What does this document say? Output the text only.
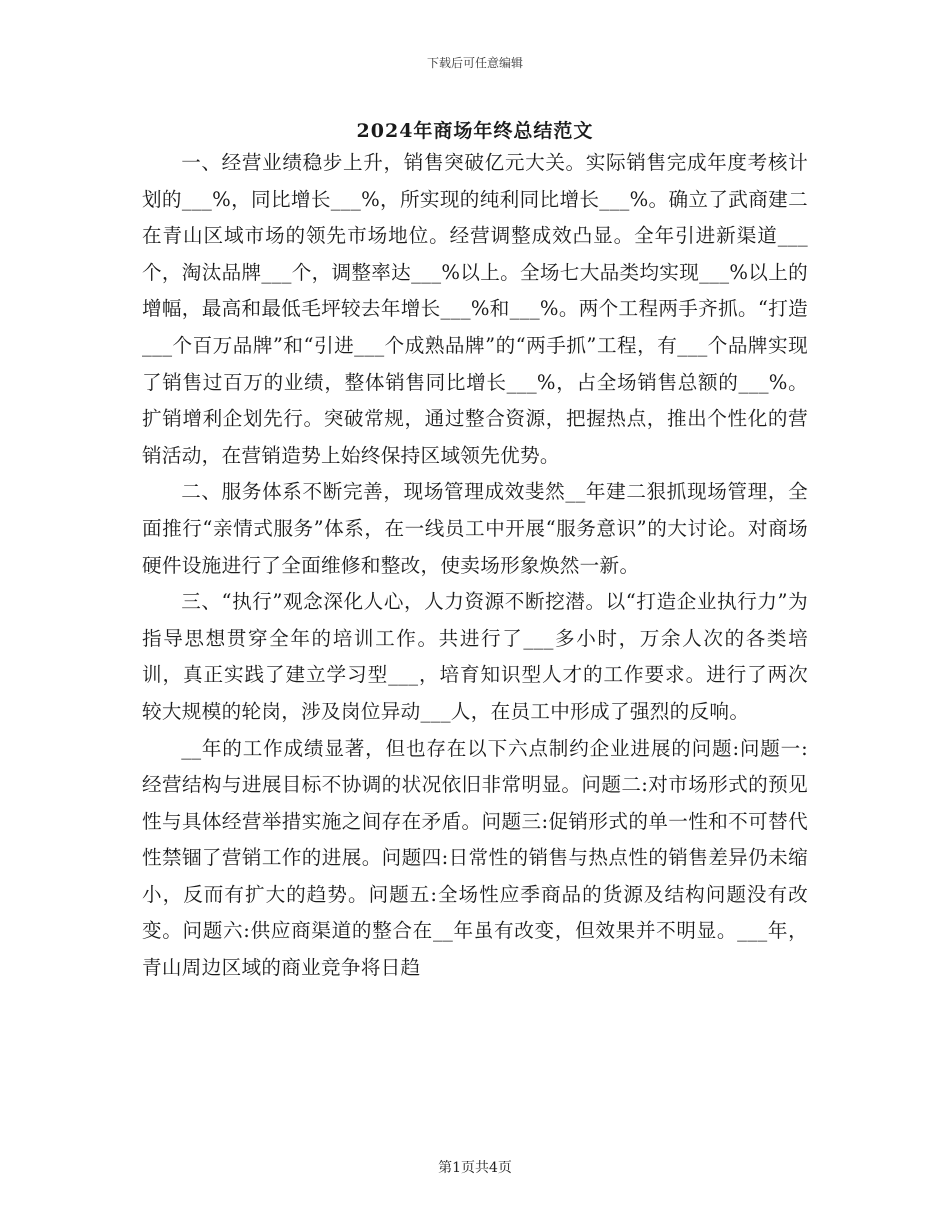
下载后可任意编辑
2024年商场年终总结范文

一、经营业绩稳步上升，销售突破亿元大关。实际销售完成年度考核计划的___%，同比增长___%，所实现的纯利同比增长___%。确立了武商建二在青山区域市场的领先市场地位。经营调整成效凸显。全年引进新渠道___个，淘汰品牌___个，调整率达___%以上。全场七大品类均实现___%以上的增幅，最高和最低毛坪较去年增长___%和___%。两个工程两手齐抓。“打造___个百万品牌”和“引进___个成熟品牌”的“两手抓”工程，有___个品牌实现了销售过百万的业绩，整体销售同比增长___%，占全场销售总额的___%。扩销增利企划先行。突破常规，通过整合资源，把握热点，推出个性化的营销活动，在营销造势上始终保持区域领先优势。

二、服务体系不断完善，现场管理成效斐然__年建二狠抓现场管理，全面推行“亲情式服务”体系，在一线员工中开展“服务意识”的大讨论。对商场硬件设施进行了全面维修和整改，使卖场形象焕然一新。

三、“执行”观念深化人心，人力资源不断挖潜。以“打造企业执行力”为指导思想贯穿全年的培训工作。共进行了___多小时，万余人次的各类培训，真正实践了建立学习型___，培育知识型人才的工作要求。进行了两次较大规模的轮岗，涉及岗位异动___人，在员工中形成了强烈的反响。

__年的工作成绩显著，但也存在以下六点制约企业进展的问题:问题一:经营结构与进展目标不协调的状况依旧非常明显。问题二:对市场形式的预见性与具体经营举措实施之间存在矛盾。问题三:促销形式的单一性和不可替代性禁锢了营销工作的进展。问题四:日常性的销售与热点性的销售差异仍未缩小，反而有扩大的趋势。问题五:全场性应季商品的货源及结构问题没有改变。问题六:供应商渠道的整合在__年虽有改变，但效果并不明显。___年，青山周边区域的商业竞争将日趋

第1页共4页
